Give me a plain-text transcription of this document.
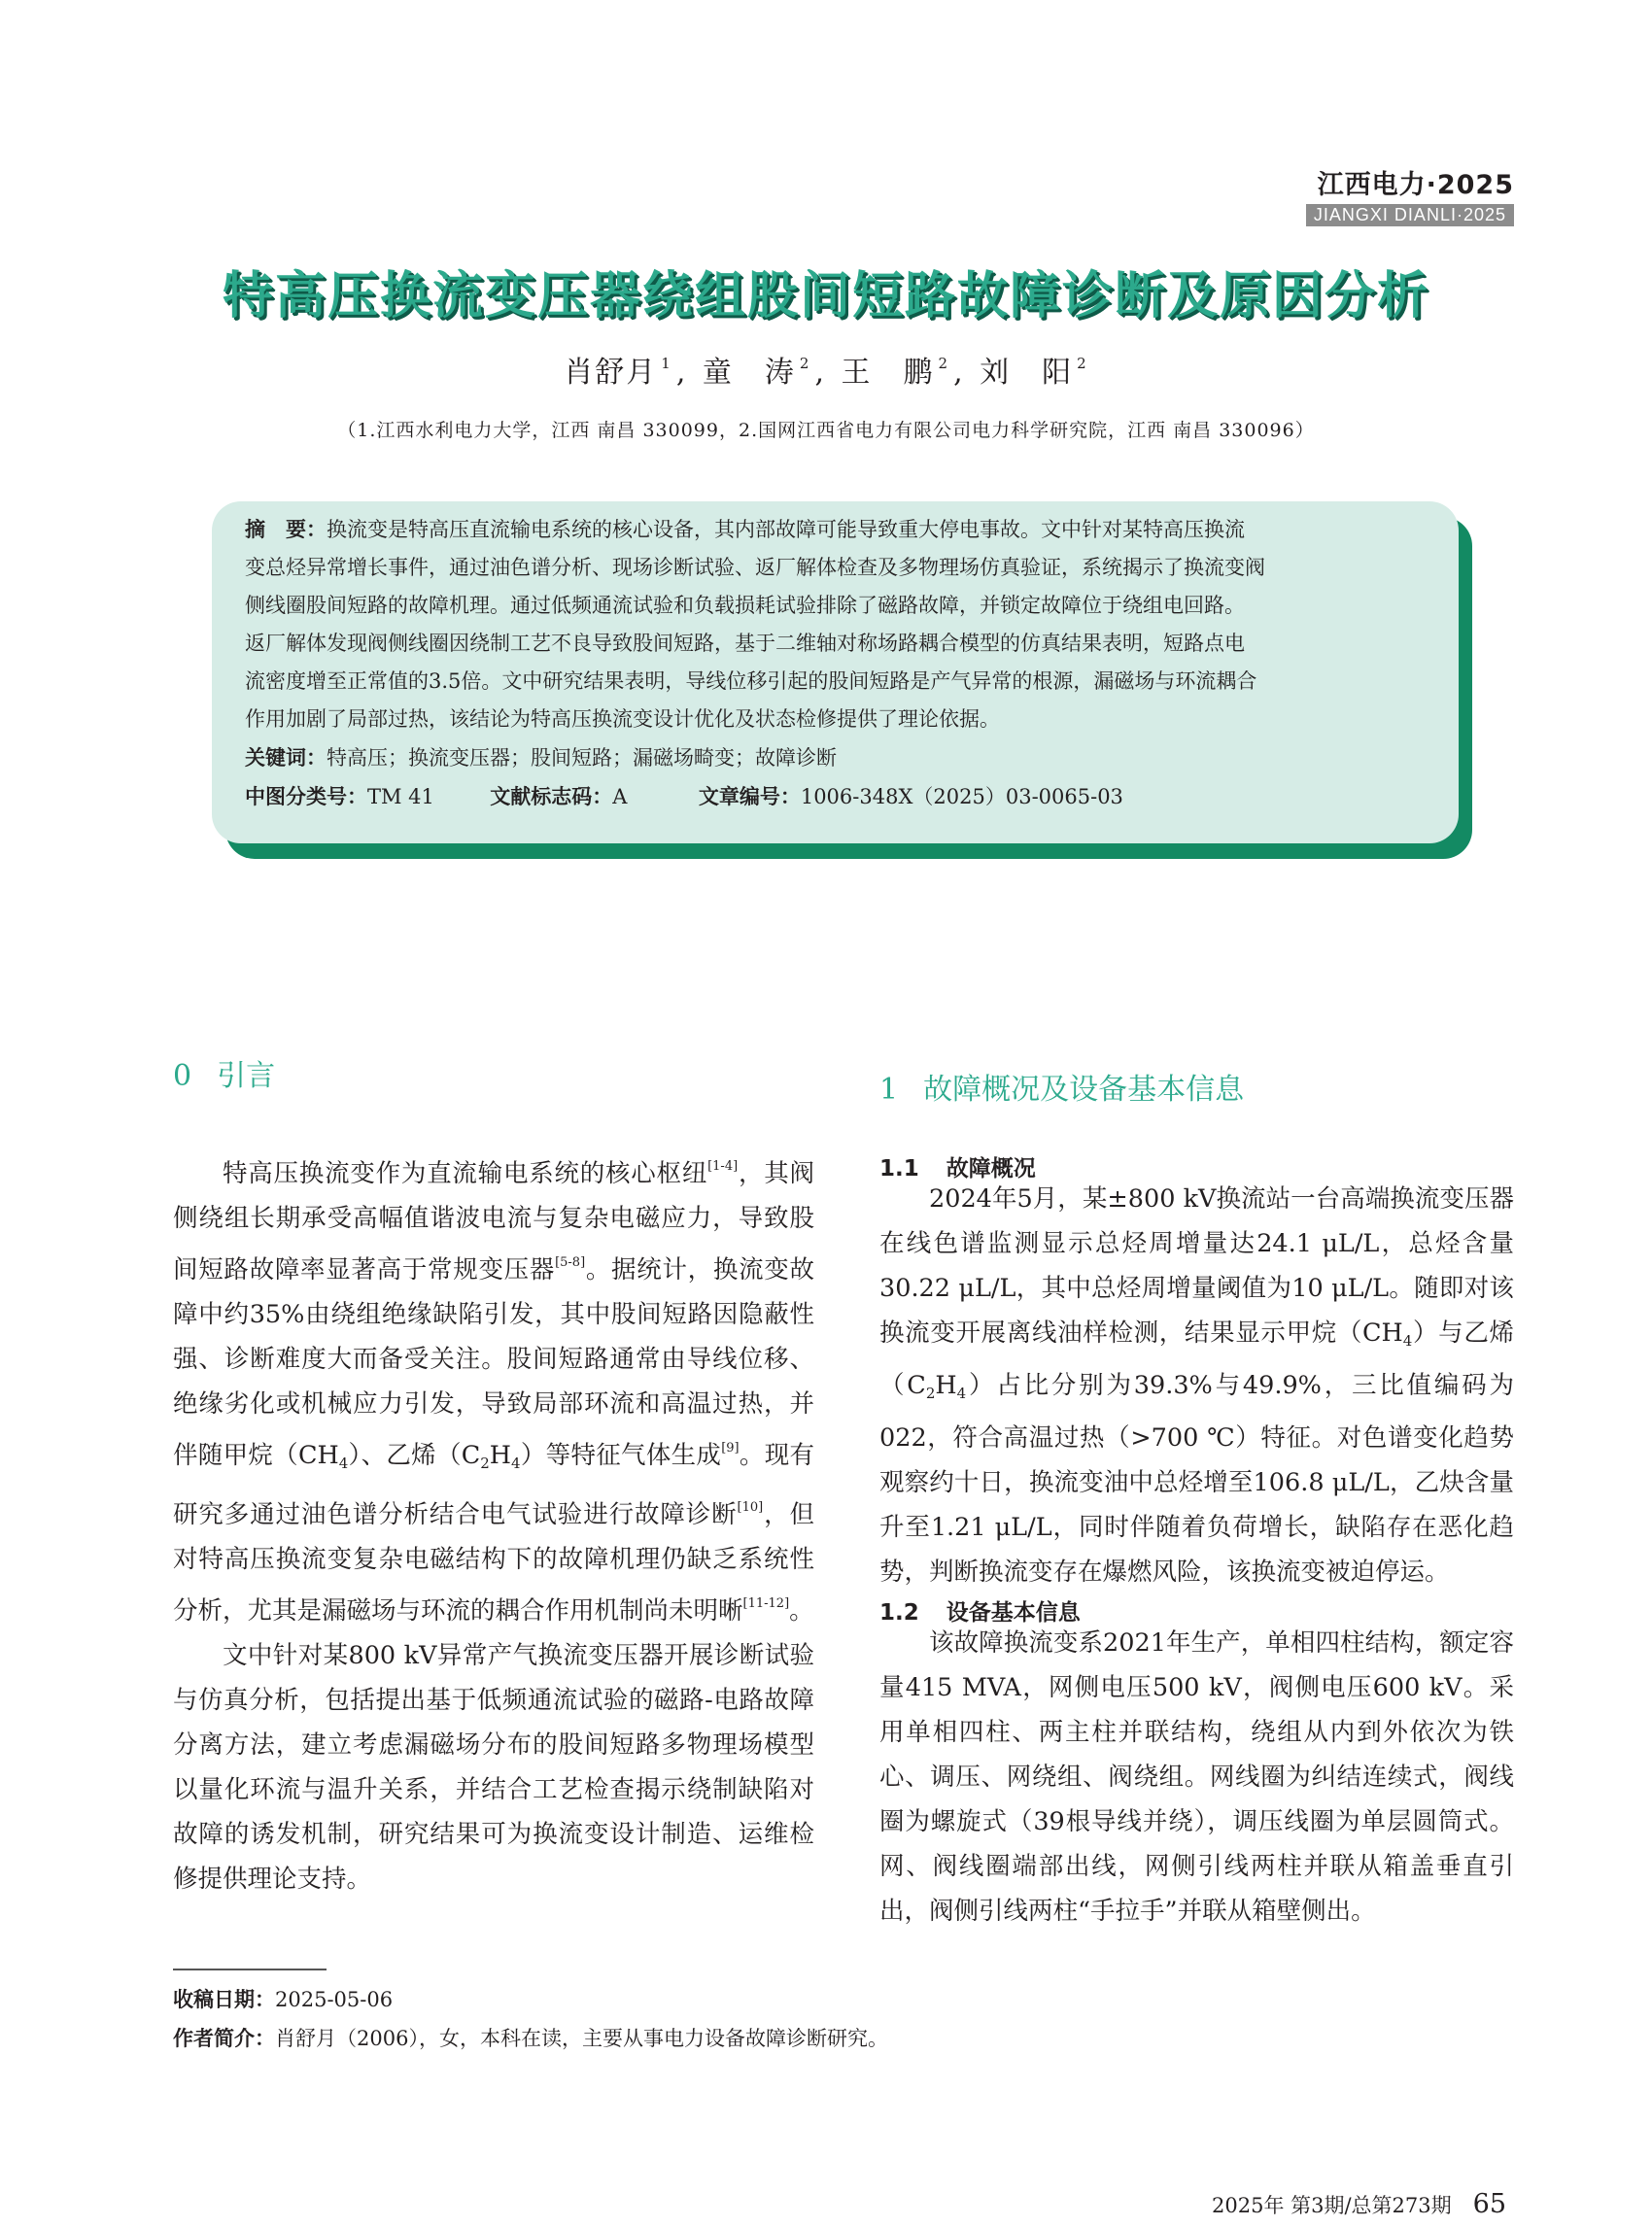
江西电力·2025
JIANGXI DIANLI·2025
特高压换流变压器绕组股间短路故障诊断及原因分析
肖舒月 $^1$ , 童　涛 $^2$ , 王　鹏 $^2$ , 刘　阳 $^2$
（1.江西水利电力大学，江西 南昌 330099，2.国网江西省电力有限公司电力科学研究院，江西 南昌 330096）
摘　要：换流变是特高压直流输电系统的核心设备，其内部故障可能导致重大停电事故。文中针对某特高压换流
变总烃异常增长事件，通过油色谱分析、现场诊断试验、返厂解体检查及多物理场仿真验证，系统揭示了换流变阀
侧线圈股间短路的故障机理。通过低频通流试验和负载损耗试验排除了磁路故障，并锁定故障位于绕组电回路。
返厂解体发现阀侧线圈因绕制工艺不良导致股间短路，基于二维轴对称场路耦合模型的仿真结果表明，短路点电
流密度增至正常值的3.5倍。文中研究结果表明，导线位移引起的股间短路是产气异常的根源，漏磁场与环流耦合
作用加剧了局部过热，该结论为特高压换流变设计优化及状态检修提供了理论依据。
关键词：特高压；换流变压器；股间短路；漏磁场畸变；故障诊断
中图分类号：TM 41	文献标志码：A	文章编号：1006-348X（2025）03-0065-03
0 引言

特高压换流变作为直流输电系统的核心枢纽[1-4]，其阀侧绕组长期承受高幅值谐波电流与复杂电磁应力，导致股间短路故障率显著高于常规变压器[5-8]。据统计，换流变故障中约35%由绕组绝缘缺陷引发，其中股间短路因隐蔽性强、诊断难度大而备受关注。股间短路通常由导线位移、绝缘劣化或机械应力引发，导致局部环流和高温过热，并伴随甲烷$(CH_4)$、乙烯$(C_2H_4)$等特征气体生成[9]。现有研究多通过油色谱分析结合电气试验进行故障诊断[10]，但对特高压换流变复杂电磁结构下的故障机理仍缺乏系统性分析，尤其是漏磁场与环流的耦合作用机制尚未明晰[11-12]。

文中针对某800 kV异常产气换流变压器开展诊断试验与仿真分析，包括提出基于低频通流试验的磁路-电路故障分离方法，建立考虑漏磁场分布的股间短路多物理场模型以量化环流与温升关系，并结合工艺检查揭示绕制缺陷对故障的诱发机制，研究结果可为换流变设计制造、运维检修提供理论支持。

1 故障概况及设备基本信息
1.1 故障概况

2024年5月，某±800 kV换流站一台高端换流变压器在线色谱监测显示总烃周增量达24.1 μL/L，总烃含量30.22 μL/L，其中总烃周增量阈值为10 μL/L。随即对该换流变开展离线油样检测，结果显示甲烷$(CH_4)$与乙烯$(C_2H_4)$占比分别为39.3%与49.9%，三比值编码为022，符合高温过热（>700 ℃）特征。对色谱变化趋势观察约十日，换流变油中总烃增至106.8 μL/L，乙炔含量升至1.21 μL/L，同时伴随着负荷增长，缺陷存在恶化趋势，判断换流变存在爆燃风险，该换流变被迫停运。

1.2 设备基本信息

该故障换流变系2021年生产，单相四柱结构，额定容量415 MVA，网侧电压500 kV，阀侧电压600 kV。采用单相四柱、两主柱并联结构，绕组从内到外依次为铁心、调压、网绕组、阀绕组。网线圈为纠结连续式，阀线圈为螺旋式（39根导线并绕），调压线圈为单层圆筒式。网、阀线圈端部出线，网侧引线两柱并联从箱盖垂直引出，阀侧引线两柱“手拉手”并联从箱壁侧出。

收稿日期：2025-05-06
作者简介：肖舒月（2006），女，本科在读，主要从事电力设备故障诊断研究。
2025年 第3期/总第273期 65
